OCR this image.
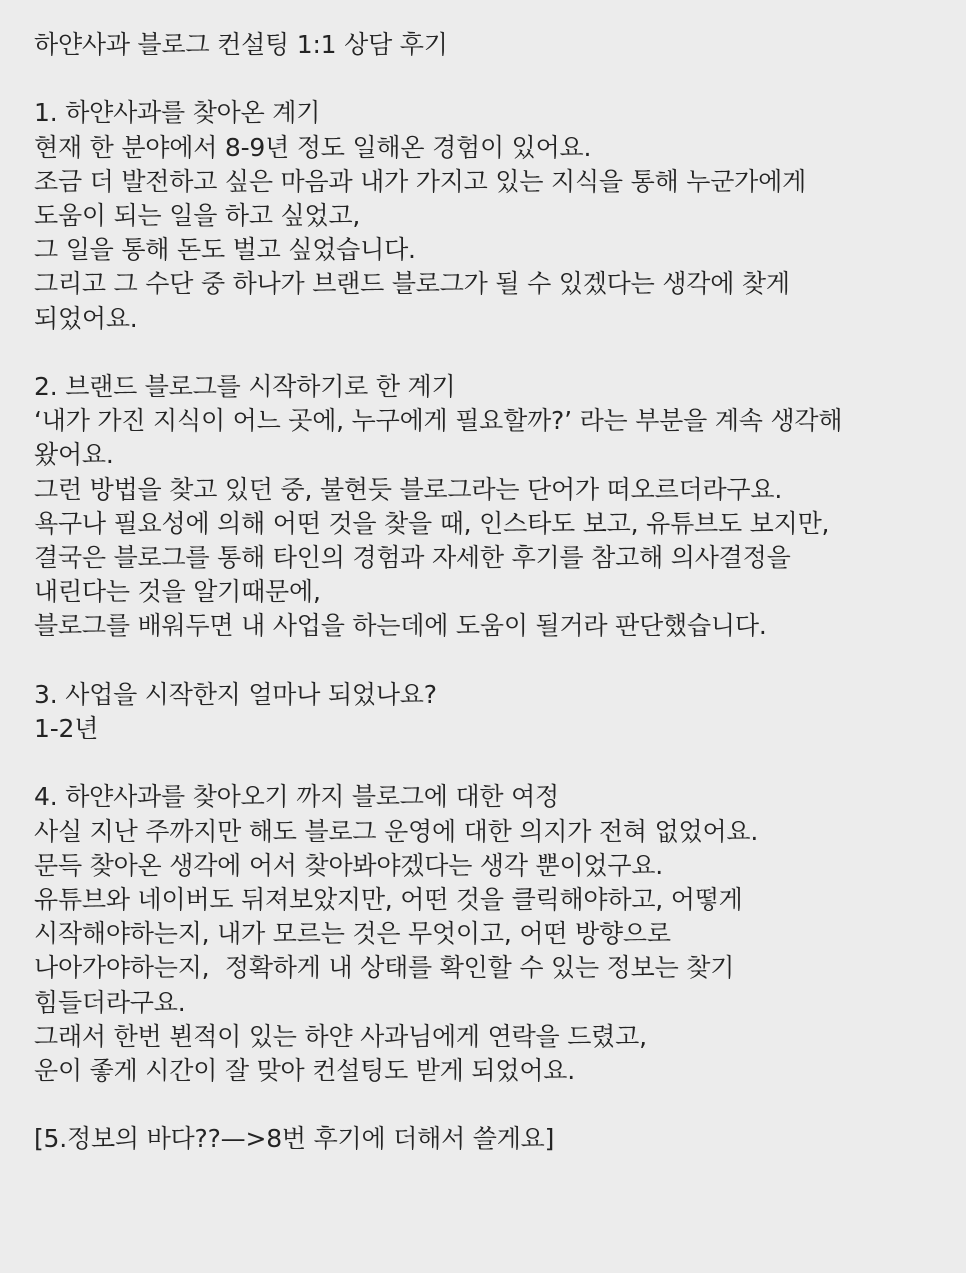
하얀사과 블로그 컨설팅 1:1 상담 후기
1. 하얀사과를 찾아온 계기
현재 한 분야에서 8-9년 정도 일해온 경험이 있어요.
조금 더 발전하고 싶은 마음과 내가 가지고 있는 지식을 통해 누군가에게
도움이 되는 일을 하고 싶었고,
그 일을 통해 돈도 벌고 싶었습니다.
그리고 그 수단 중 하나가 브랜드 블로그가 될 수 있겠다는 생각에 찾게
되었어요.
2. 브랜드 블로그를 시작하기로 한 계기
‘내가 가진 지식이 어느 곳에, 누구에게 필요할까?’ 라는 부분을 계속 생각해
왔어요.
그런 방법을 찾고 있던 중, 불현듯 블로그라는 단어가 떠오르더라구요.
욕구나 필요성에 의해 어떤 것을 찾을 때, 인스타도 보고, 유튜브도 보지만,
결국은 블로그를 통해 타인의 경험과 자세한 후기를 참고해 의사결정을
내린다는 것을 알기때문에,
블로그를 배워두면 내 사업을 하는데에 도움이 될거라 판단했습니다.
3. 사업을 시작한지 얼마나 되었나요?
1-2년
4. 하얀사과를 찾아오기 까지 블로그에 대한 여정
사실 지난 주까지만 해도 블로그 운영에 대한 의지가 전혀 없었어요.
문득 찾아온 생각에 어서 찾아봐야겠다는 생각 뿐이었구요.
유튜브와 네이버도 뒤져보았지만, 어떤 것을 클릭해야하고, 어떻게
시작해야하는지, 내가 모르는 것은 무엇이고, 어떤 방향으로
나아가야하는지,  정확하게 내 상태를 확인할 수 있는 정보는 찾기
힘들더라구요.
그래서 한번 뵌적이 있는 하얀 사과님에게 연락을 드렸고,
운이 좋게 시간이 잘 맞아 컨설팅도 받게 되었어요.
[5.정보의 바다??—>8번 후기에 더해서 쓸게요]
